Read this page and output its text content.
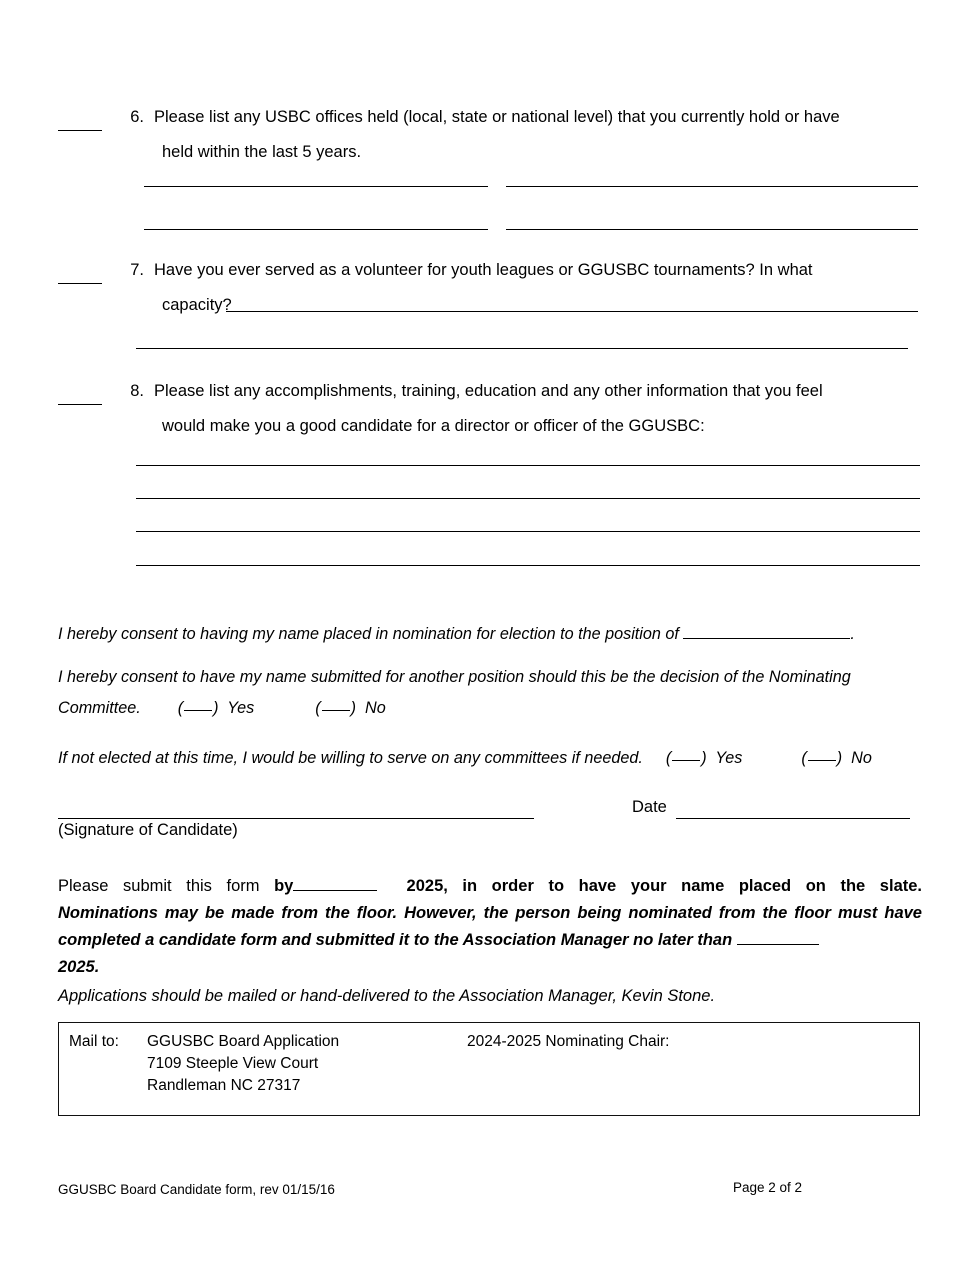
6. Please list any USBC offices held (local, state or national level) that you currently hold or have
held within the last 5 years.
7. Have you ever served as a volunteer for youth leagues or GGUSBC tournaments? In what
capacity?
8. Please list any accomplishments, training, education and any other information that you feel
would make you a good candidate for a director or officer of the GGUSBC:
I hereby consent to having my name placed in nomination for election to the position of	.
I hereby consent to have my name submitted for another position should this be the decision of the Nominating
Committee. ( )  Yes	( )  No
If not elected at this time, I would be willing to serve on any committees if needed. ( )  Yes	( )  No
(Signature of Candidate)
Date
Please submit this form by	2025, in order to have your name placed on the slate.
Nominations may be made from the floor. However, the person being nominated from the floor must have completed a candidate form and submitted it to the Association Manager no later than
2025.
Applications should be mailed or hand-delivered to the Association Manager, Kevin Stone.
Mail to: GGUSBC Board Application
7109 Steeple View Court
Randleman NC 27317
2024-2025 Nominating Chair:
GGUSBC Board Candidate form, rev 01/15/16	Page 2 of 2
